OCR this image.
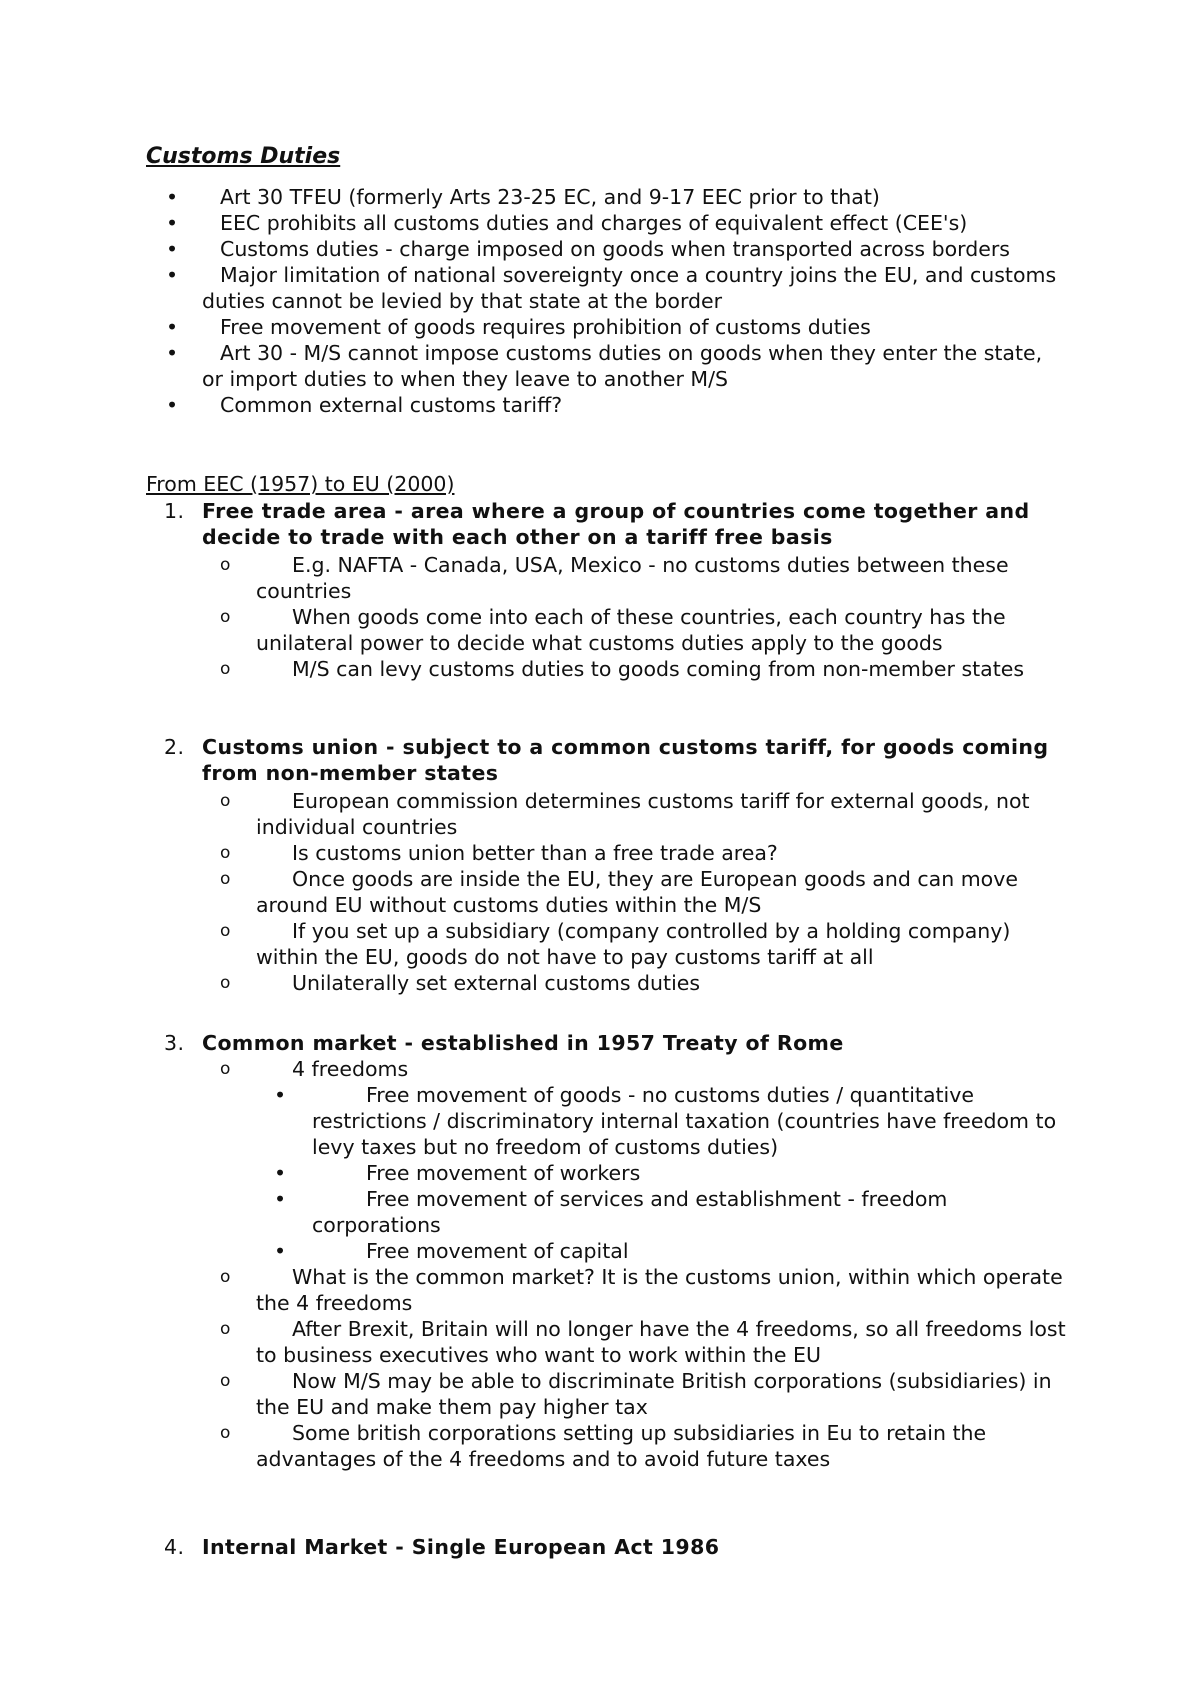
Customs Duties
• Art 30 TFEU (formerly Arts 23-25 EC, and 9-17 EEC prior to that)
• EEC prohibits all customs duties and charges of equivalent effect (CEE's)
• Customs duties - charge imposed on goods when transported across borders
• Major limitation of national sovereignty once a country joins the EU, and customs duties cannot be levied by that state at the border
• Free movement of goods requires prohibition of customs duties
• Art 30 - M/S cannot impose customs duties on goods when they enter the state, or import duties to when they leave to another M/S
• Common external customs tariff?
From EEC (1957) to EU (2000)
1. Free trade area - area where a group of countries come together and decide to trade with each other on a tariff free basis
o	E.g. NAFTA - Canada, USA, Mexico - no customs duties between these countries
o	When goods come into each of these countries, each country has the unilateral power to decide what customs duties apply to the goods
o	M/S can levy customs duties to goods coming from non-member states
2. Customs union - subject to a common customs tariff, for goods coming from non-member states
o	European commission determines customs tariff for external goods, not individual countries
o	Is customs union better than a free trade area?
o	Once goods are inside the EU, they are European goods and can move around EU without customs duties within the M/S
o	If you set up a subsidiary (company controlled by a holding company) within the EU, goods do not have to pay customs tariff at all
o	Unilaterally set external customs duties
3. Common market - established in 1957 Treaty of Rome
o	4 freedoms
•	Free movement of goods - no customs duties / quantitative restrictions / discriminatory internal taxation (countries have freedom to levy taxes but no freedom of customs duties)
•	Free movement of workers
•	Free movement of services and establishment - freedom corporations
•	Free movement of capital
o	What is the common market? It is the customs union, within which operate the 4 freedoms
o	After Brexit, Britain will no longer have the 4 freedoms, so all freedoms lost to business executives who want to work within the EU
o	Now M/S may be able to discriminate British corporations (subsidiaries) in the EU and make them pay higher tax
o	Some british corporations setting up subsidiaries in Eu to retain the advantages of the 4 freedoms and to avoid future taxes
4. Internal Market - Single European Act 1986
